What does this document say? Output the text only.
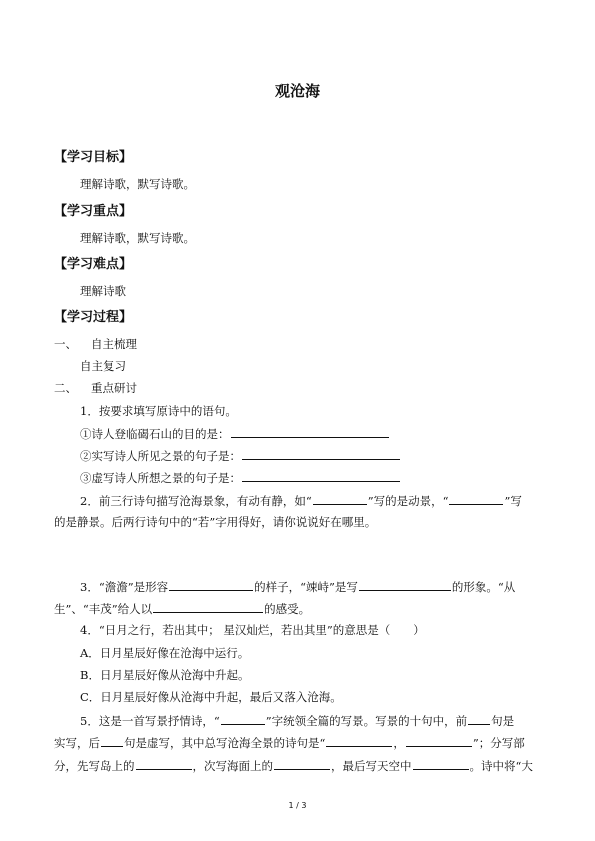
观沧海
【学习目标】
理解诗歌，默写诗歌。
【学习重点】
理解诗歌，默写诗歌。
【学习难点】
理解诗歌
【学习过程】
一、 自主梳理
自主复习
二、 重点研讨
1．按要求填写原诗中的语句。
①诗人登临碣石山的目的是：
②实写诗人所见之景的句子是：
③虚写诗人所想之景的句子是：
2．前三行诗句描写沧海景象，有动有静，如“	”写的是动景，“	”写
的是静景。后两行诗句中的“若”字用得好，请你说说好在哪里。
3．“澹澹”是形容	的样子，“竦峙”是写	的形象。“从
生”、“丰茂”给人以	的感受。
4．“日月之行，若出其中； 星汉灿烂，若出其里”的意思是（　　）
A．日月星辰好像在沧海中运行。
B．日月星辰好像从沧海中升起。
C．日月星辰好像从沧海中升起，最后又落入沧海。
5．这是一首写景抒情诗，“	”字统领全篇的写景。写景的十句中，前 句是
实写，后 句是虚写，其中总写沧海全景的诗句是“	，	”；分写部
分，先写岛上的	，次写海面上的	，最后写天空中	。诗中将“大
1 / 3
